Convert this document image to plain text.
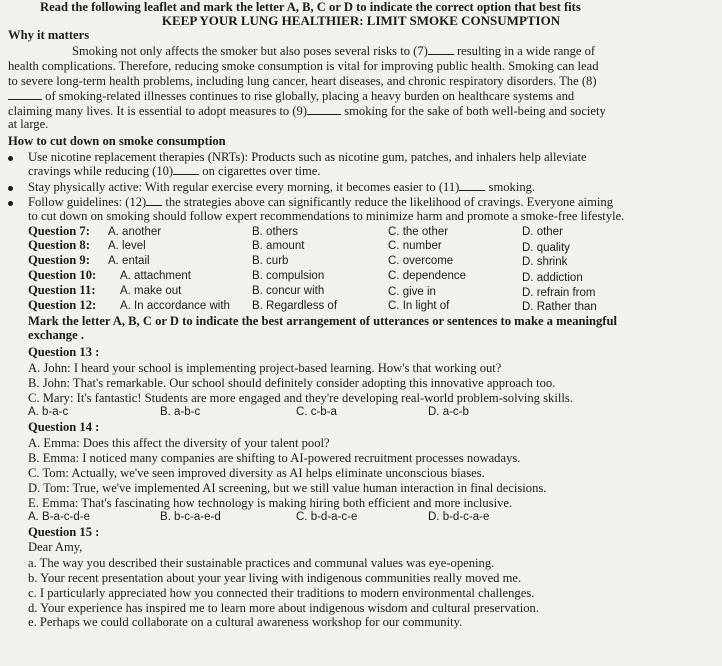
Read the following leaflet and mark the letter A, B, C or D to indicate the correct option that best fits
KEEP YOUR LUNG HEALTHIER: LIMIT SMOKE CONSUMPTION
Why it matters
Smoking not only affects the smoker but also poses several risks to (7) resulting in a wide range of
health complications. Therefore, reducing smoke consumption is vital for improving public health. Smoking can lead
to severe long-term health problems, including lung cancer, heart diseases, and chronic respiratory disorders. The (8)
of smoking-related illnesses continues to rise globally, placing a heavy burden on healthcare systems and
claiming many lives. It is essential to adopt measures to (9)	smoking for the sake of both well-being and society
at large.
How to cut down on smoke consumption
Use nicotine replacement therapies (NRTs): Products such as nicotine gum, patches, and inhalers help alleviate
cravings while reducing (10) on cigarettes over time.
Stay physically active: With regular exercise every morning, it becomes easier to (11) smoking.
Follow guidelines: (12) the strategies above can significantly reduce the likelihood of cravings. Everyone aiming
to cut down on smoking should follow expert recommendations to minimize harm and promote a smoke-free lifestyle.
Question 7: A. another	B. others	C. the other	D. other
Question 8: A. level	B. amount	C. number	D. quality
Question 9: A. entail	B. curb	C. overcome	D. shrink
Question 10: A. attachment	B. compulsion	C. dependence	D. addiction
Question 11: A. make out	B. concur with	C. give in	D. refrain from
Question 12: A. In accordance with B. Regardless of	C. In light of	D. Rather than
Mark the letter A, B, C or D to indicate the best arrangement of utterances or sentences to make a meaningful
exchange .
Question 13 :
A. John: I heard your school is implementing project-based learning. How's that working out?
B. John: That's remarkable. Our school should definitely consider adopting this innovative approach too.
C. Mary: It's fantastic! Students are more engaged and they're developing real-world problem-solving skills.
A. b-a-c	B. a-b-c	C. c-b-a	D. a-c-b
Question 14 :
A. Emma: Does this affect the diversity of your talent pool?
B. Emma: I noticed many companies are shifting to AI-powered recruitment processes nowadays.
C. Tom: Actually, we've seen improved diversity as AI helps eliminate unconscious biases.
D. Tom: True, we've implemented AI screening, but we still value human interaction in final decisions.
E. Emma: That's fascinating how technology is making hiring both efficient and more inclusive.
A. B-a-c-d-e	B. b-c-a-e-d	C. b-d-a-c-e	D. b-d-c-a-e
Question 15 :
Dear Amy,
a. The way you described their sustainable practices and communal values was eye-opening.
b. Your recent presentation about your year living with indigenous communities really moved me.
c. I particularly appreciated how you connected their traditions to modern environmental challenges.
d. Your experience has inspired me to learn more about indigenous wisdom and cultural preservation.
e. Perhaps we could collaborate on a cultural awareness workshop for our community.
